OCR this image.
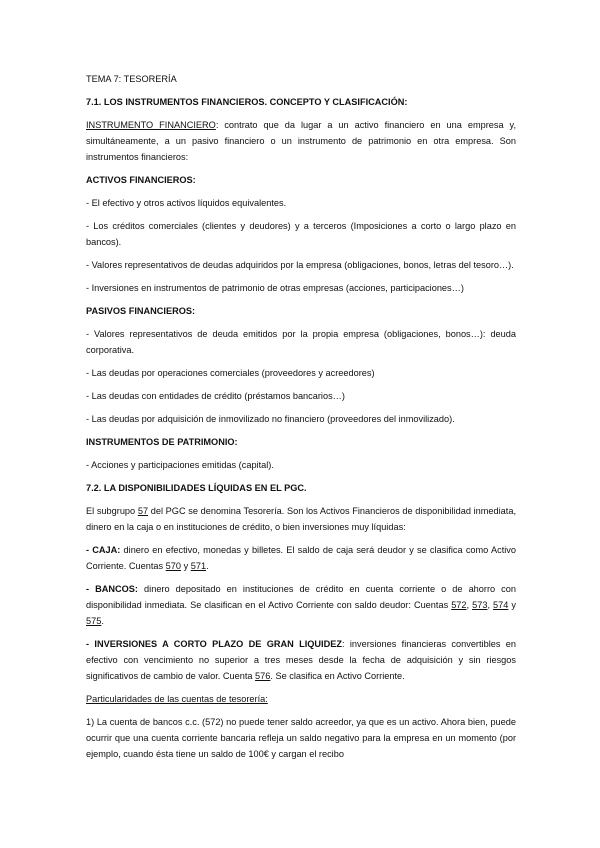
TEMA 7: TESORERÍA
7.1. LOS INSTRUMENTOS FINANCIEROS. CONCEPTO Y CLASIFICACIÓN:
INSTRUMENTO FINANCIERO: contrato que da lugar a un activo financiero en una empresa y, simultáneamente, a un pasivo financiero o un instrumento de patrimonio en otra empresa. Son instrumentos financieros:
ACTIVOS FINANCIEROS:
- El efectivo y otros activos líquidos equivalentes.
- Los créditos comerciales (clientes y deudores) y a terceros (Imposiciones a corto o largo plazo en bancos).
- Valores representativos de deudas adquiridos por la empresa (obligaciones, bonos, letras del tesoro…).
- Inversiones en instrumentos de patrimonio de otras empresas (acciones, participaciones…)
PASIVOS FINANCIEROS:
- Valores representativos de deuda emitidos por la propia empresa (obligaciones, bonos…): deuda corporativa.
- Las deudas por operaciones comerciales (proveedores y acreedores)
- Las deudas con entidades de crédito (préstamos bancarios…)
- Las deudas por adquisición de inmovilizado no financiero (proveedores del inmovilizado).
INSTRUMENTOS DE PATRIMONIO:
- Acciones y participaciones emitidas (capital).
7.2. LA DISPONIBILIDADES LÍQUIDAS EN EL PGC.
El subgrupo 57 del PGC se denomina Tesorería. Son los Activos Financieros de disponibilidad inmediata, dinero en la caja o en instituciones de crédito, o bien inversiones muy líquidas:
- CAJA: dinero en efectivo, monedas y billetes. El saldo de caja será deudor y se clasifica como Activo Corriente. Cuentas 570 y 571.
- BANCOS: dinero depositado en instituciones de crédito en cuenta corriente o de ahorro con disponibilidad inmediata. Se clasifican en el Activo Corriente con saldo deudor: Cuentas 572, 573, 574 y 575.
- INVERSIONES A CORTO PLAZO DE GRAN LIQUIDEZ: inversiones financieras convertibles en efectivo con vencimiento no superior a tres meses desde la fecha de adquisición y sin riesgos significativos de cambio de valor. Cuenta 576. Se clasifica en Activo Corriente.
Particularidades de las cuentas de tesorería:
1) La cuenta de bancos c.c. (572) no puede tener saldo acreedor, ya que es un activo. Ahora bien, puede ocurrir que una cuenta corriente bancaria refleja un saldo negativo para la empresa en un momento (por ejemplo, cuando ésta tiene un saldo de 100€ y cargan el recibo
